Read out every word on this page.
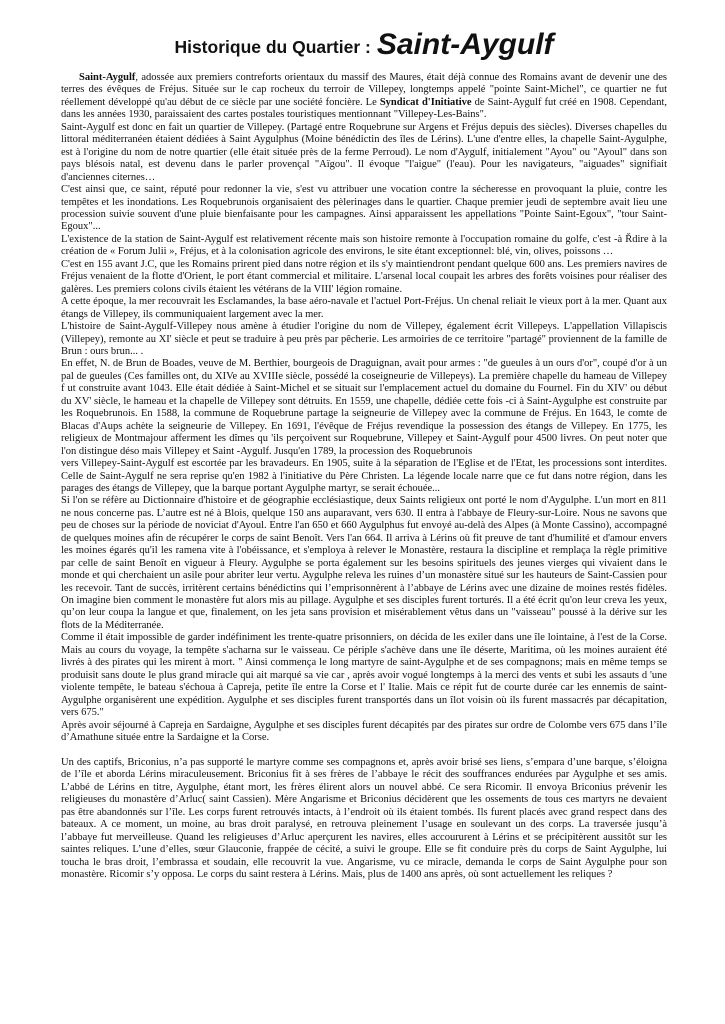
Historique du Quartier : Saint-Aygulf

Saint-Aygulf, adossée aux premiers contreforts orientaux du massif des Maures, était déjà connue des Romains avant de devenir une des terres des évêques de Fréjus. Située sur le cap rocheux du terroir de Villepey, longtemps appelé "pointe Saint-Michel", ce quartier ne fut réellement développé qu'au début de ce siècle par une société foncière. Le Syndicat d'Initiative de Saint-Aygulf fut créé en 1908. Cependant, dans les années 1930, paraissaient des cartes postales touristiques mentionnant "Villepey-Les-Bains".

Saint-Aygulf est donc en fait un quartier de Villepey. (Partagé entre Roquebrune sur Argens et Fréjus depuis des siècles). Diverses chapelles du littoral méditerranéen étaient dédiées à Saint Aygulphus (Moine bénédictin des îles de Lérins). L'une d'entre elles, la chapelle Saint-Aygulphe, est à l'origine du nom de notre quartier (elle était située près de la ferme Perroud). Le nom d'Aygulf, initialement "Ayou" ou "Ayoul" dans son pays blésois natal, est devenu dans le parler provençal "Aïgou". Il évoque "l'aigue" (l'eau). Pour les navigateurs, "aiguades" signifiait d'anciennes citernes…

C'est ainsi que, ce saint, réputé pour redonner la vie, s'est vu attribuer une vocation contre la sécheresse en provoquant la pluie, contre les tempêtes et les inondations. Les Roquebrunois organisaient des pèlerinages dans le quartier. Chaque premier jeudi de septembre avait lieu une procession suivie souvent d'une pluie bienfaisante pour les campagnes. Ainsi apparaissent les appellations "Pointe Saint-Egoux", "tour Saint-Egoux"...

L'existence de la station de Saint-Aygulf est relativement récente mais son histoire remonte à l'occupation romaine du golfe, c'est -à Řdire à la création de « Forum Julii », Fréjus, et à la colonisation agricole des environs, le site étant exceptionnel: blé, vin, olives, poissons …

C'est en 155 avant J.C, que les Romains prirent pied dans notre région et ils s'y maintiendront pendant quelque 600 ans. Les premiers navires de Fréjus venaient de la flotte d'Orient, le port étant commercial et militaire. L'arsenal local coupait les arbres des forêts voisines pour réaliser des galères. Les premiers colons civils étaient les vétérans de la VIII' légion romaine.

A cette époque, la mer recouvrait les Esclamandes, la base aéro-navale et l'actuel Port-Fréjus. Un chenal reliait le vieux port à la mer. Quant aux étangs de Villepey, ils communiquaient largement avec la mer.

L'histoire de Saint-Aygulf-Villepey nous amène à étudier l'origine du nom de Villepey, également écrit Villepeys. L'appellation Villapiscis (Villepey), remonte au XI' siècle et peut se traduire à peu près par pêcherie. Les armoiries de ce territoire "partagé" proviennent de la famille de Brun : ours brun... .

En effet, N. de Brun de Boades, veuve de M. Berthier, bourgeois de Draguignan, avait pour armes : "de gueules à un ours d'or", coupé d'or à un pal de gueules (Ces familles ont, du XIVe au XVIIIe siècle, possédé la coseigneurie de Villepeys). La première chapelle du hameau de Villepey f ut construite avant 1043. Elle était dédiée à Saint-Michel et se situait sur l'emplacement actuel du domaine du Fournel. Fin du XIV' ou début du XV' siècle, le hameau et la chapelle de Villepey sont détruits. En 1559, une chapelle, dédiée cette fois -ci à Saint-Aygulphe est construite par les Roquebrunois. En 1588, la commune de Roquebrune partage la seigneurie de Villepey avec la commune de Fréjus. En 1643, le comte de Blacas d'Aups achète la seigneurie de Villepey. En 1691, l'évêque de Fréjus revendique la possession des étangs de Villepey. En 1775, les religieux de Montmajour afferment les dîmes qu 'ils perçoivent sur Roquebrune, Villepey et Saint-Aygulf pour 4500 livres. On peut noter que l'on distingue déso mais Villepey et Saint -Aygulf. Jusqu'en 1789, la procession des Roquebrunois

vers Villepey-Saint-Aygulf est escortée par les bravadeurs. En 1905, suite à la séparation de l'Eglise et de l'Etat, les processions sont interdites. Celle de Saint-Aygulf ne sera reprise qu'en 1982 à l'initiative du Père Christen. La légende locale narre que ce fut dans notre région, dans les parages des étangs de Villepey, que la barque portant Aygulphe martyr, se serait échouée...

Si l'on se réfère au Dictionnaire d'histoire et de géographie ecclésiastique, deux Saints religieux ont porté le nom d'Aygulphe. L'un mort en 811 ne nous concerne pas. L’autre est né à Blois, quelque 150 ans auparavant, vers 630. Il entra à l'abbaye de Fleury-sur-Loire. Nous ne savons que peu de choses sur la période de noviciat d'Ayoul. Entre l'an 650 et 660 Aygulphus fut envoyé au-delà des Alpes (à Monte Cassino), accompagné de quelques moines afin de récupérer le corps de saint Benoît. Vers l'an 664. Il arriva à Lérins où fit preuve de tant d'humilité et d'amour envers les moines égarés qu'il les ramena vite à l'obéissance, et s'employa à relever le Monastère, restaura la discipline et remplaça la règle primitive par celle de saint Benoît en vigueur à Fleury. Aygulphe se porta également sur les besoins spirituels des jeunes vierges qui vivaient dans le monde et qui cherchaient un asile pour abriter leur vertu. Aygulphe releva les ruines d’un monastère situé sur les hauteurs de Saint-Cassien pour les recevoir. Tant de succès, irritèrent certains bénédictins qui l’emprisonnèrent à l’abbaye de Lérins avec une dizaine de moines restés fidèles. On imagine bien comment le monastère fut alors mis au pillage. Aygulphe et ses disciples furent torturés. Il a été écrit qu'on leur creva les yeux, qu’on leur coupa la langue et que, finalement, on les jeta sans provision et misérablement vêtus dans un "vaisseau" poussé à la dérive sur les flots de la Méditerranée.

Comme il était impossible de garder indéfiniment les trente-quatre prisonniers, on décida de les exiler dans une île lointaine, à l'est de la Corse. Mais au cours du voyage, la tempête s'acharna sur le vaisseau. Ce périple s'achève dans une île déserte, Maritima, où les moines auraient été livrés à des pirates qui les mirent à mort. " Ainsi commença le long martyre de saint-Aygulphe et de ses compagnons; mais en même temps se produisit sans doute le plus grand miracle qui ait marqué sa vie car , après avoir vogué longtemps à la merci des vents et subi les assauts d 'une violente tempête, le bateau s'échoua à Capreja, petite île entre la Corse et l' Italie. Mais ce répit fut de courte durée car les ennemis de saint-Aygulphe organisèrent une expédition. Aygulphe et ses disciples furent transportés dans un îlot voisin où ils furent massacrés par décapitation, vers 675."

Après avoir séjourné à Capreja en Sardaigne, Aygulphe et ses disciples furent décapités par des pirates sur ordre de Colombe vers 675 dans l’île d’Amathune située entre la Sardaigne et la Corse.

Un des captifs, Briconius, n’a pas supporté le martyre comme ses compagnons et, après avoir brisé ses liens, s’empara d’une barque, s’éloigna de l’île et aborda Lérins miraculeusement. Briconius fit à ses frères de l’abbaye le récit des souffrances endurées par Aygulphe et ses amis. L’abbé de Lérins en titre, Aygulphe, étant mort, les frères élirent alors un nouvel abbé. Ce sera Ricomir. Il envoya Briconius prévenir les religieuses du monastère d’Arluc( saint Cassien). Mère Angarisme et Briconius décidèrent que les ossements de tous ces martyrs ne devaient pas être abandonnés sur l’île. Les corps furent retrouvés intacts, à l’endroit où ils étaient tombés. Ils furent placés avec grand respect dans des bateaux. A ce moment, un moine, au bras droit paralysé, en retrouva pleinement l’usage en soulevant un des corps. La traversée jusqu’à l’abbaye fut merveilleuse. Quand les religieuses d’Arluc aperçurent les navires, elles accoururent à Lérins et se précipitèrent aussitôt sur les saintes reliques. L’une d’elles, sœur Glauconie, frappée de cécité, a suivi le groupe. Elle se fit conduire près du corps de Saint Aygulphe, lui toucha le bras droit, l’embrassa et soudain, elle recouvrit la vue. Angarisme, vu ce miracle, demanda le corps de Saint Aygulphe pour son monastère. Ricomir s’y opposa. Le corps du saint restera à Lérins. Mais, plus de 1400 ans après, où sont actuellement les reliques ?
